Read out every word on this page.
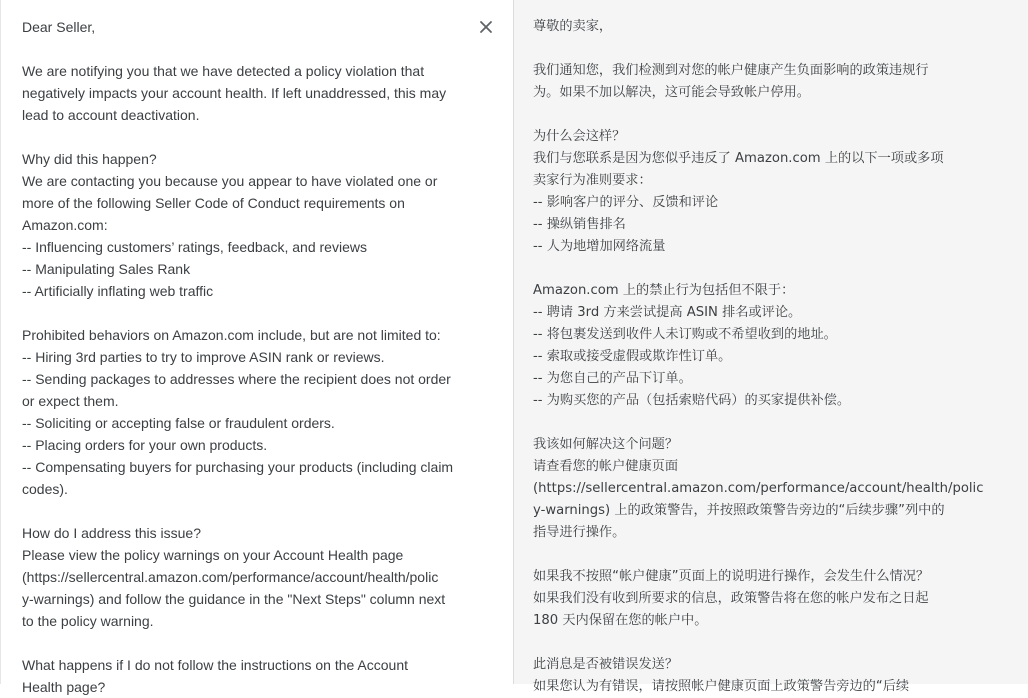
Dear Seller,
We are notifying you that we have detected a policy violation that
negatively impacts your account health. If left unaddressed, this may
lead to account deactivation.
Why did this happen?
We are contacting you because you appear to have violated one or
more of the following Seller Code of Conduct requirements on
Amazon.com:
-- Influencing customers’ ratings, feedback, and reviews
-- Manipulating Sales Rank
-- Artificially inflating web traffic
Prohibited behaviors on Amazon.com include, but are not limited to:
-- Hiring 3rd parties to try to improve ASIN rank or reviews.
-- Sending packages to addresses where the recipient does not order
or expect them.
-- Soliciting or accepting false or fraudulent orders.
-- Placing orders for your own products.
-- Compensating buyers for purchasing your products (including claim
codes).
How do I address this issue?
Please view the policy warnings on your Account Health page
(https://sellercentral.amazon.com/performance/account/health/polic
y-warnings) and follow the guidance in the "Next Steps" column next
to the policy warning.
What happens if I do not follow the instructions on the Account
Health page?
尊敬的卖家，
我们通知您，我们检测到对您的帐户健康产生负面影响的政策违规行
为。如果不加以解决，这可能会导致帐户停用。
为什么会这样？
我们与您联系是因为您似乎违反了 Amazon.com 上的以下一项或多项
卖家行为准则要求：
-- 影响客户的评分、反馈和评论
-- 操纵销售排名
-- 人为地增加网络流量
Amazon.com 上的禁止行为包括但不限于：
-- 聘请 3rd 方来尝试提高 ASIN 排名或评论。
-- 将包裹发送到收件人未订购或不希望收到的地址。
-- 索取或接受虚假或欺诈性订单。
-- 为您自己的产品下订单。
-- 为购买您的产品（包括索赔代码）的买家提供补偿。
我该如何解决这个问题？
请查看您的帐户健康页面
(https://sellercentral.amazon.com/performance/account/health/polic
y-warnings) 上的政策警告，并按照政策警告旁边的“后续步骤”列中的
指导进行操作。
如果我不按照“帐户健康”页面上的说明进行操作，会发生什么情况？
如果我们没有收到所要求的信息，政策警告将在您的帐户发布之日起
180 天内保留在您的帐户中。
此消息是否被错误发送？
如果您认为有错误，请按照帐户健康页面上政策警告旁边的“后续
